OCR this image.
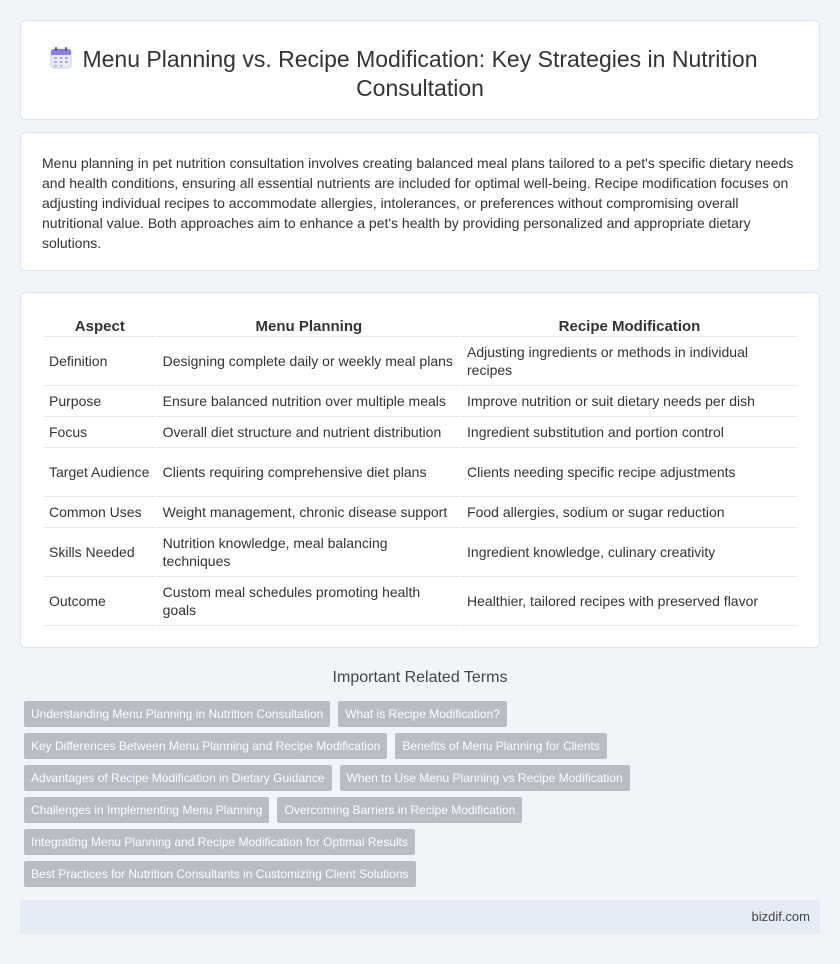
Menu Planning vs. Recipe Modification: Key Strategies in Nutrition Consultation

Menu planning in pet nutrition consultation involves creating balanced meal plans tailored to a pet's specific dietary needs and health conditions, ensuring all essential nutrients are included for optimal well-being. Recipe modification focuses on adjusting individual recipes to accommodate allergies, intolerances, or preferences without compromising overall nutritional value. Both approaches aim to enhance a pet's health by providing personalized and appropriate dietary solutions.

Aspect	Menu Planning	Recipe Modification
Definition	Designing complete daily or weekly meal plans	Adjusting ingredients or methods in individual recipes
Purpose	Ensure balanced nutrition over multiple meals	Improve nutrition or suit dietary needs per dish
Focus	Overall diet structure and nutrient distribution	Ingredient substitution and portion control
Target Audience	Clients requiring comprehensive diet plans	Clients needing specific recipe adjustments
Common Uses	Weight management, chronic disease support	Food allergies, sodium or sugar reduction
Skills Needed	Nutrition knowledge, meal balancing techniques	Ingredient knowledge, culinary creativity
Outcome	Custom meal schedules promoting health goals	Healthier, tailored recipes with preserved flavor
Important Related Terms
Understanding Menu Planning in Nutrition Consultation	What is Recipe Modification?
Key Differences Between Menu Planning and Recipe Modification	Benefits of Menu Planning for Clients
Advantages of Recipe Modification in Dietary Guidance	When to Use Menu Planning vs Recipe Modification
Challenges in Implementing Menu Planning	Overcoming Barriers in Recipe Modification
Integrating Menu Planning and Recipe Modification for Optimal Results
Best Practices for Nutrition Consultants in Customizing Client Solutions
bizdif.com
